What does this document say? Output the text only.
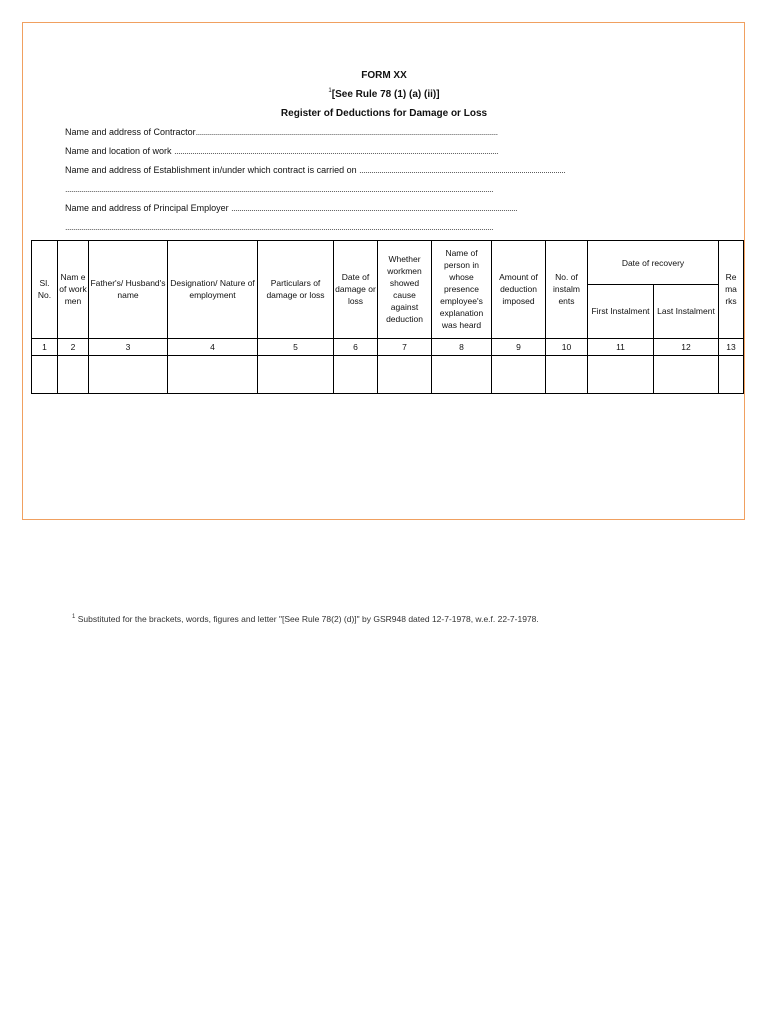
FORM XX
$^1$[See Rule 78 (1) (a) (ii)]
Register of Deductions for Damage or Loss
Name and address of Contractor.......................................................................................................................................................
Name and location of work ..................................................................................................................................................................
Name and address of Establishment in/under which contract is carried on .......................................................................................................
......................................................................................................................................................................................................................
Name and address of Principal Employer ...............................................................................................................................................
......................................................................................................................................................................................................................
Sl. No.	Nam e of work men	Father's/ Husband's name	Designation/ Nature of employment	Particulars of damage or loss	Date of damage or loss	Whether workmen showed cause against deduction	Name of person in whose presence employee's explanation was heard	Amount of deduction imposed	No. of instalm ents	Date of recovery		Re ma rks
										First Instalment	Last Instalment	
1	2	3	4	5	6	7	8	9	10	11	12	13

$^1$ Substituted for the brackets, words, figures and letter "[See Rule 78(2) (d)]" by GSR948 dated 12-7-1978, w.e.f. 22-7-1978.
